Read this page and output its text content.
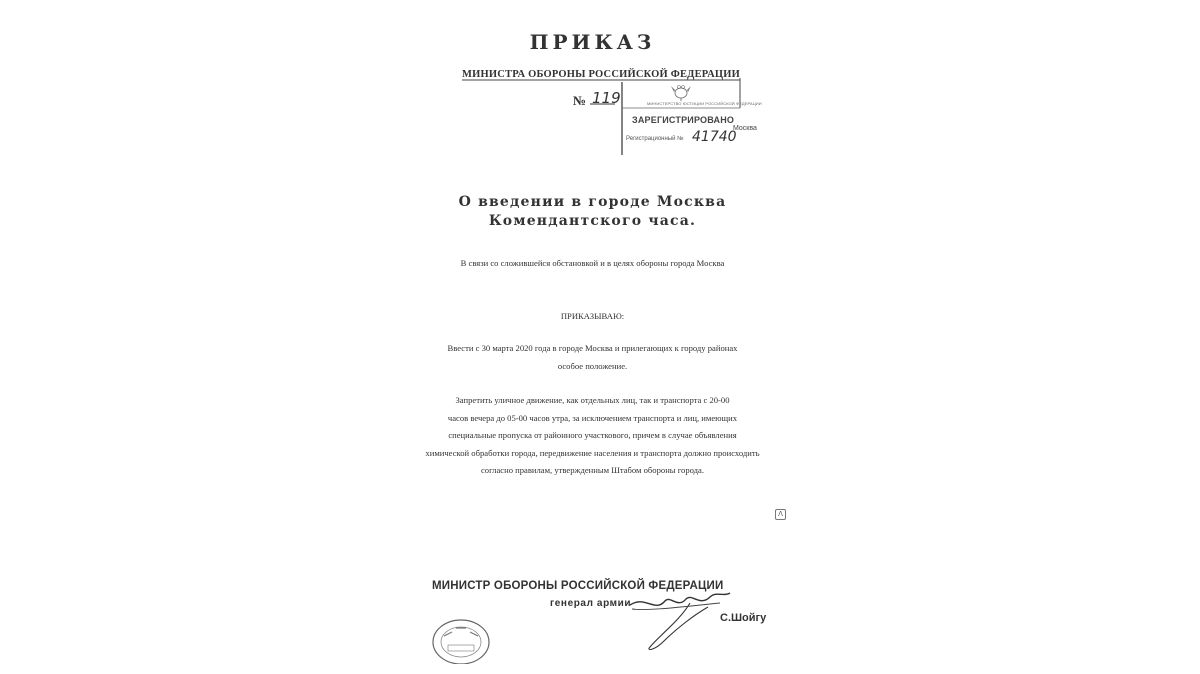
ПРИКАЗ
МИНИСТРА ОБОРОНЫ РОССИЙСКОЙ ФЕДЕРАЦИИ
№ 119	МИНИСТЕРСТВО ЮСТИЦИИ РОССИЙСКОЙ ФЕДЕРАЦИИ
ЗАРЕГИСТРИРОВАНО
Регистрационный № 41740
Москва
О введении в городе Москва
Комендантского часа.
В связи со сложившейся обстановкой и в целях обороны города Москва
ПРИКАЗЫВАЮ:
Ввести с 30 марта 2020 года в городе Москва и прилегающих к городу районах
особое положение.
Запретить уличное движение, как отдельных лиц, так и транспорта с 20-00
часов вечера до 05-00 часов утра, за исключением транспорта и лиц, имеющих
специальные пропуска от районного участкового, причем в случае объявления
химической обработки города, передвижение населения и транспорта должно происходить
согласно правилам, утвержденным Штабом обороны города.
Λ
МИНИСТР ОБОРОНЫ РОССИЙСКОЙ ФЕДЕРАЦИИ
генерал армии
С.Шойгу
